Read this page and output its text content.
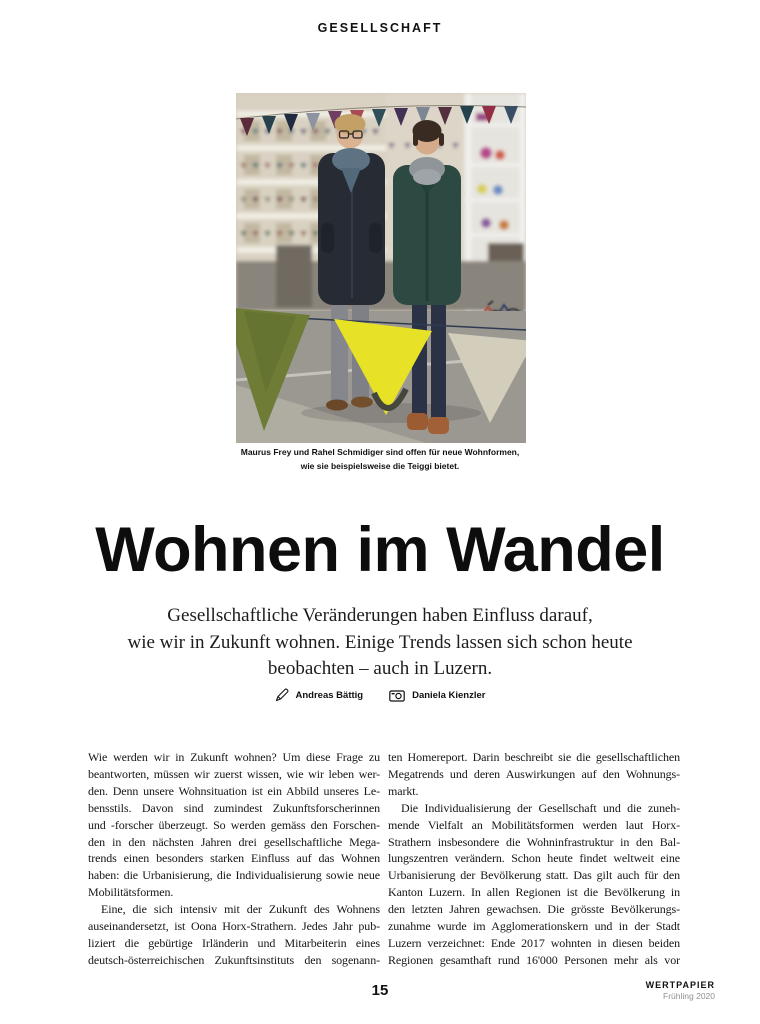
GESELLSCHAFT
Maurus Frey und Rahel Schmidiger sind offen für neue Wohnformen,
wie sie beispielsweise die Teiggi bietet.
Wohnen im Wandel
Gesellschaftliche Veränderungen haben Einfluss darauf,
wie wir in Zukunft wohnen. Einige Trends lassen sich schon heute
beobachten – auch in Luzern.
Andreas Bättig	Daniela Kienzler
Wie werden wir in Zukunft wohnen? Um diese Frage zu
beantworten, müssen wir zuerst wissen, wie wir leben wer-
den. Denn unsere Wohnsituation ist ein Abbild unseres Le-
bensstils. Davon sind zumindest Zukunftsforscherinnen
und -forscher überzeugt. So werden gemäss den Forschen-
den in den nächsten Jahren drei gesellschaftliche Mega-
trends einen besonders starken Einfluss auf das Wohnen
haben: die Urbanisierung, die Individualisierung sowie neue
Mobilitätsformen.
Eine, die sich intensiv mit der Zukunft des Wohnens
auseinandersetzt, ist Oona Horx-Strathern. Jedes Jahr pub-
liziert die gebürtige Irländerin und Mitarbeiterin eines
deutsch-österreichischen Zukunftsinstituts den sogenann-
ten Homereport. Darin beschreibt sie die gesellschaftlichen
Megatrends und deren Auswirkungen auf den Wohnungs-
markt.
Die Individualisierung der Gesellschaft und die zuneh-
mende Vielfalt an Mobilitätsformen werden laut Horx-
Strathern insbesondere die Wohninfrastruktur in den Bal-
lungszentren verändern. Schon heute findet weltweit eine
Urbanisierung der Bevölkerung statt. Das gilt auch für den
Kanton Luzern. In allen Regionen ist die Bevölkerung in
den letzten Jahren gewachsen. Die grösste Bevölkerungs-
zunahme wurde im Agglomerationskern und in der Stadt
Luzern verzeichnet: Ende 2017 wohnten in diesen beiden
Regionen gesamthaft rund 16'000 Personen mehr als vor
15	WERTPAPIER
Frühling 2020
